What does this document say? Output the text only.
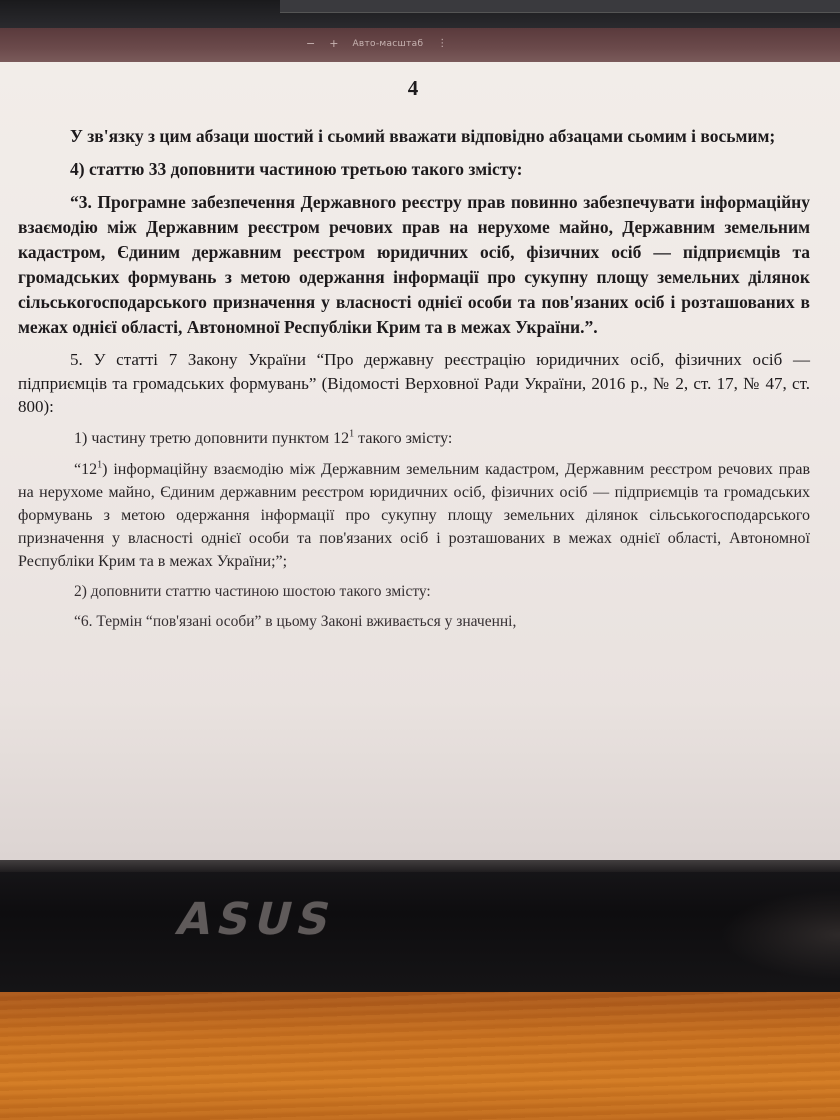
− + Авто-масштаб ⋮
4

У зв'язку з цим абзаци шостий і сьомий вважати відповідно абзацами сьомим і восьмим;

4) статтю 33 доповнити частиною третьою такого змісту:

“3. Програмне забезпечення Державного реєстру прав повинно забезпечувати інформаційну взаємодію між Державним реєстром речових прав на нерухоме майно, Державним земельним кадастром, Єдиним державним реєстром юридичних осіб, фізичних осіб — підприємців та громадських формувань з метою одержання інформації про сукупну площу земельних ділянок сільськогосподарського призначення у власності однієї особи та пов'язаних осіб і розташованих в межах однієї області, Автономної Республіки Крим та в межах України.”.

5. У статті 7 Закону України “Про державну реєстрацію юридичних осіб, фізичних осіб — підприємців та громадських формувань” (Відомості Верховної Ради України, 2016 р., № 2, ст. 17, № 47, ст. 800):

1) частину третю доповнити пунктом $12^1$ такого змісту:

“$12^1$) інформаційну взаємодію між Державним земельним кадастром, Державним реєстром речових прав на нерухоме майно, Єдиним державним реєстром юридичних осіб, фізичних осіб — підприємців та громадських формувань з метою одержання інформації про сукупну площу земельних ділянок сільськогосподарського призначення у власності однієї особи та пов'язаних осіб і розташованих в межах однієї області, Автономної Республіки Крим та в межах України;”;

2) доповнити статтю частиною шостою такого змісту:

“6. Термін “пов'язані особи” в цьому Законі вживається у значенні,

ASUS
